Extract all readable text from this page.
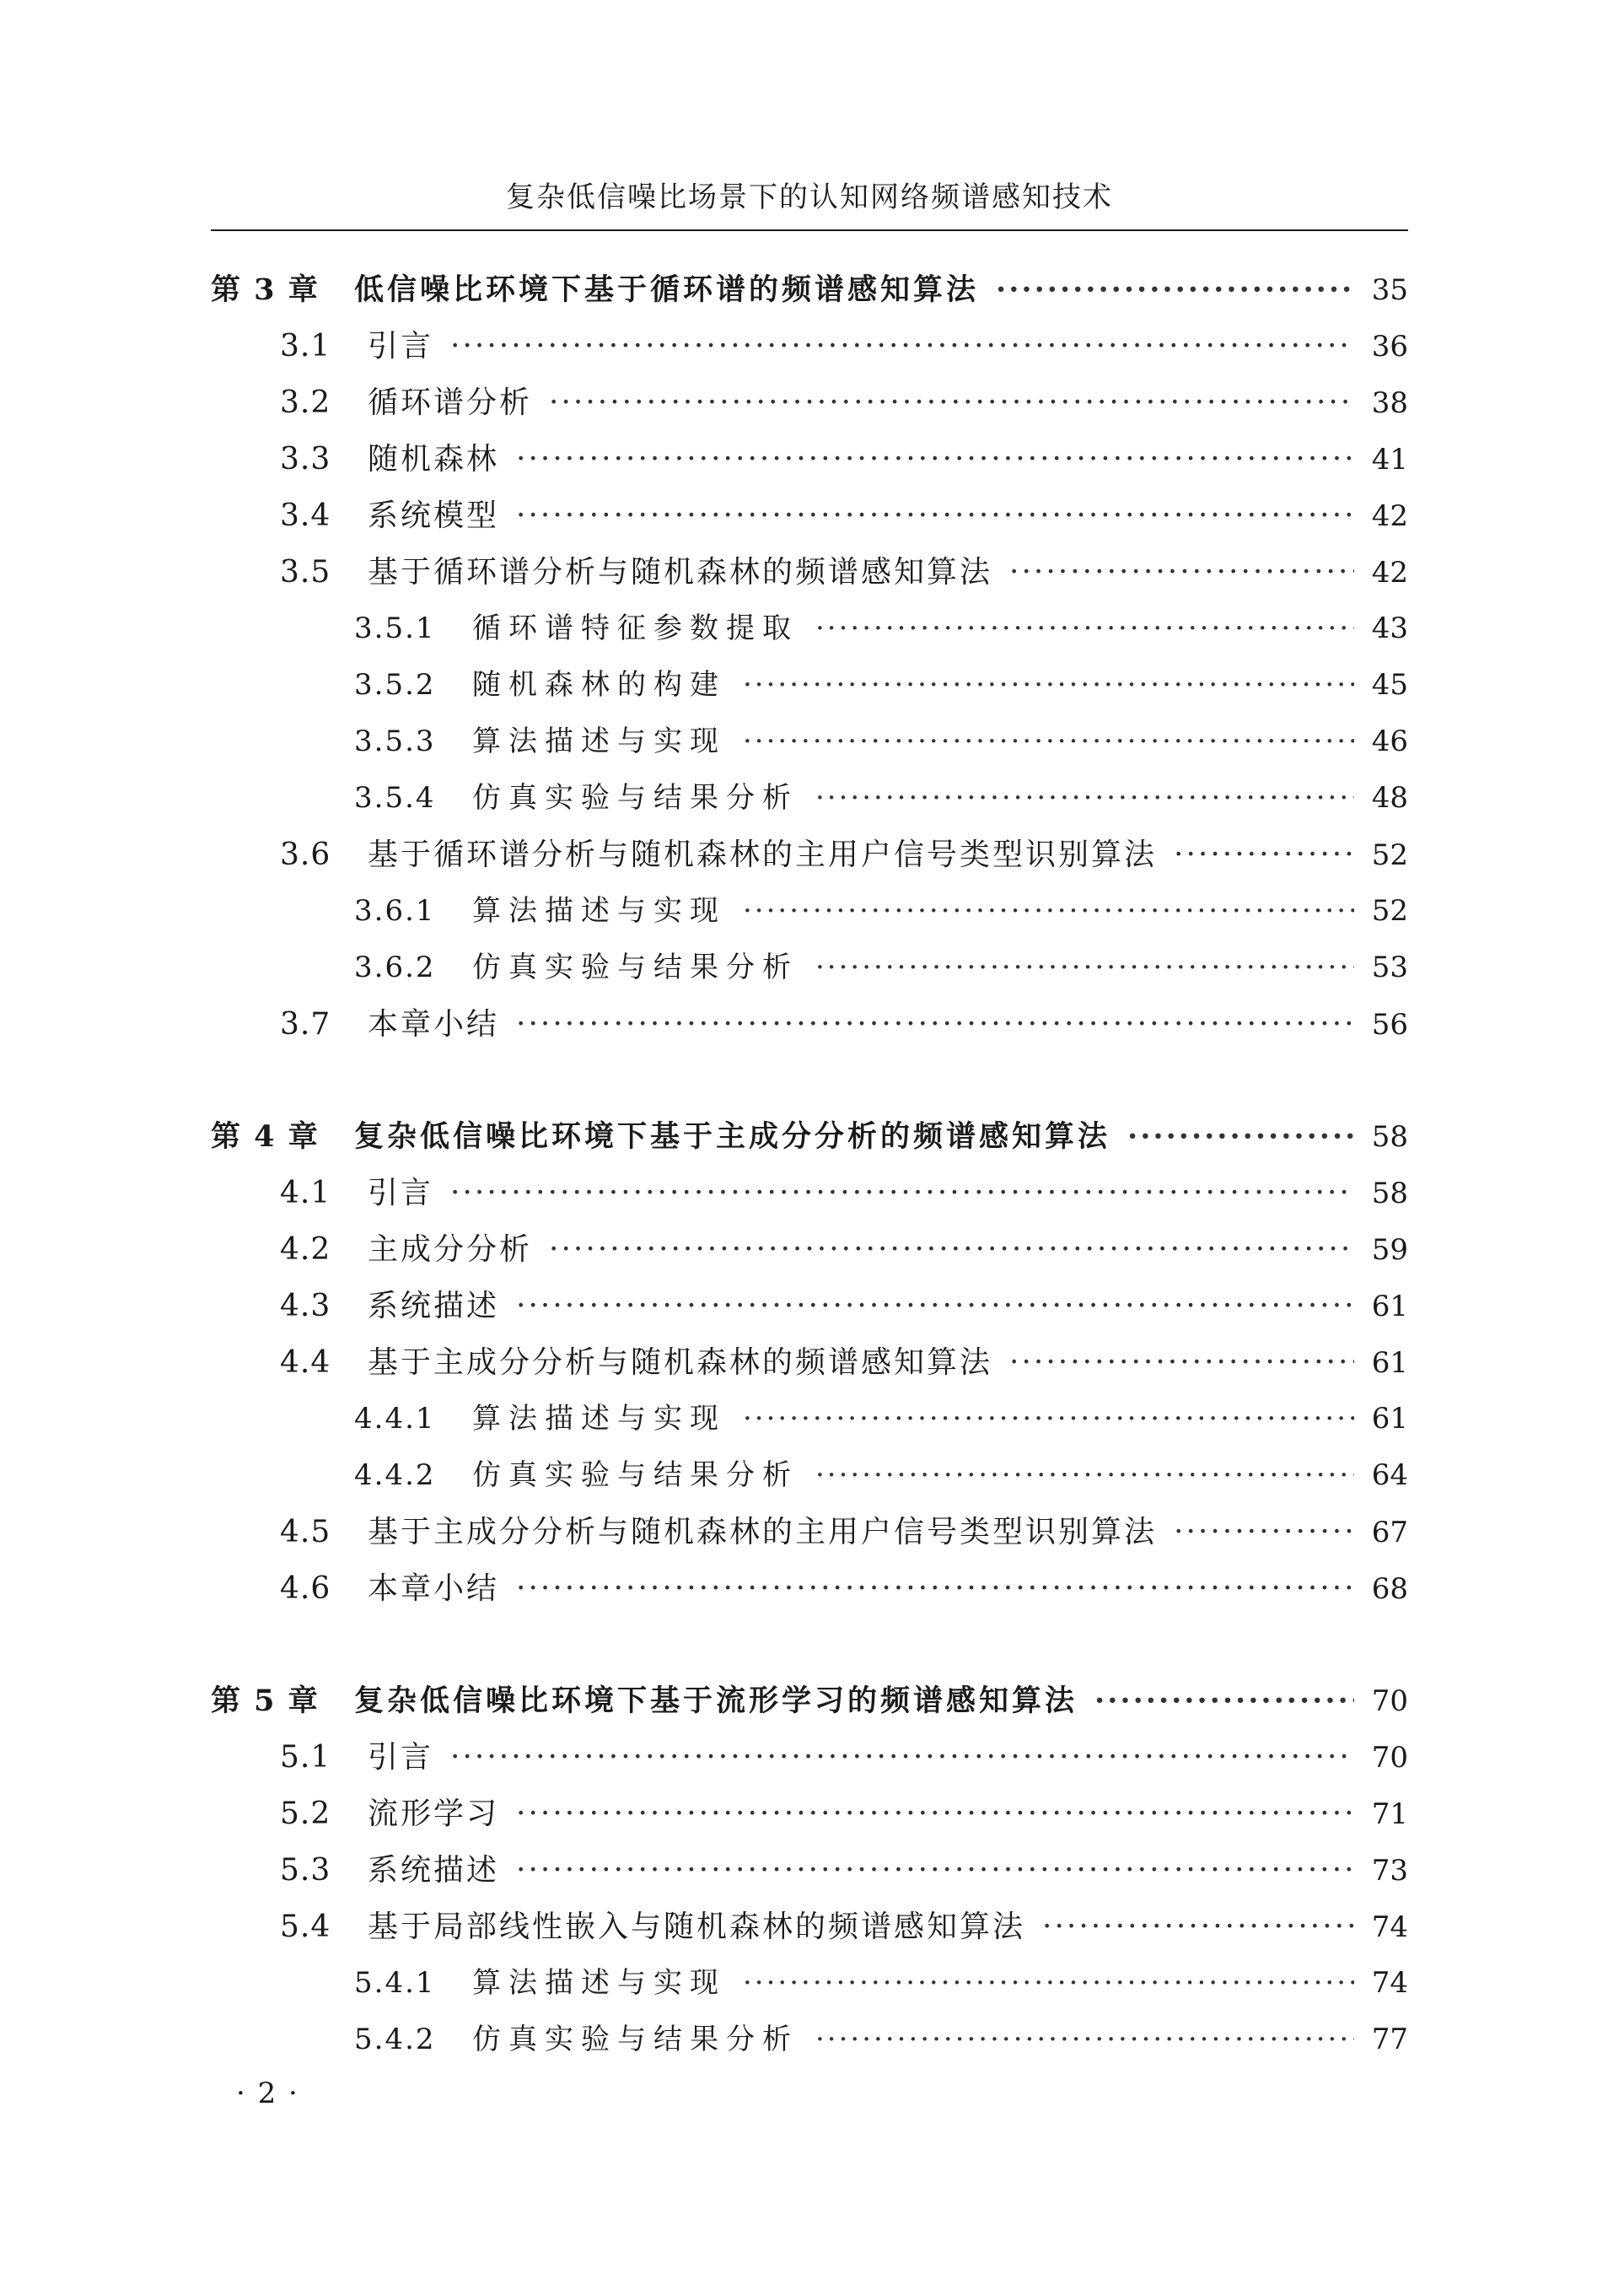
复杂低信噪比场景下的认知网络频谱感知技术
第 3 章	低信噪比环境下基于循环谱的频谱感知算法 ·····	35
3.1	引言 ·····	36
3.2	循环谱分析 ·····	38
3.3	随机森林 ·····	41
3.4	系统模型 ·····	42
3.5	基于循环谱分析与随机森林的频谱感知算法 ·····	42
3.5.1	循环谱特征参数提取 ·····	43
3.5.2	随机森林的构建 ·····	45
3.5.3	算法描述与实现 ·····	46
3.5.4	仿真实验与结果分析 ·····	48
3.6	基于循环谱分析与随机森林的主用户信号类型识别算法 ·····	52
3.6.1	算法描述与实现 ·····	52
3.6.2	仿真实验与结果分析 ·····	53
3.7	本章小结 ·····	56
第 4 章	复杂低信噪比环境下基于主成分分析的频谱感知算法 ·····	58
4.1	引言 ·····	58
4.2	主成分分析 ·····	59
4.3	系统描述 ·····	61
4.4	基于主成分分析与随机森林的频谱感知算法 ·····	61
4.4.1	算法描述与实现 ·····	61
4.4.2	仿真实验与结果分析 ·····	64
4.5	基于主成分分析与随机森林的主用户信号类型识别算法 ·····	67
4.6	本章小结 ·····	68
第 5 章	复杂低信噪比环境下基于流形学习的频谱感知算法 ·····	70
5.1	引言 ·····	70
5.2	流形学习 ·····	71
5.3	系统描述 ·····	73
5.4	基于局部线性嵌入与随机森林的频谱感知算法 ·····	74
5.4.1	算法描述与实现 ·····	74
5.4.2	仿真实验与结果分析 ·····	77
· 2 ·
